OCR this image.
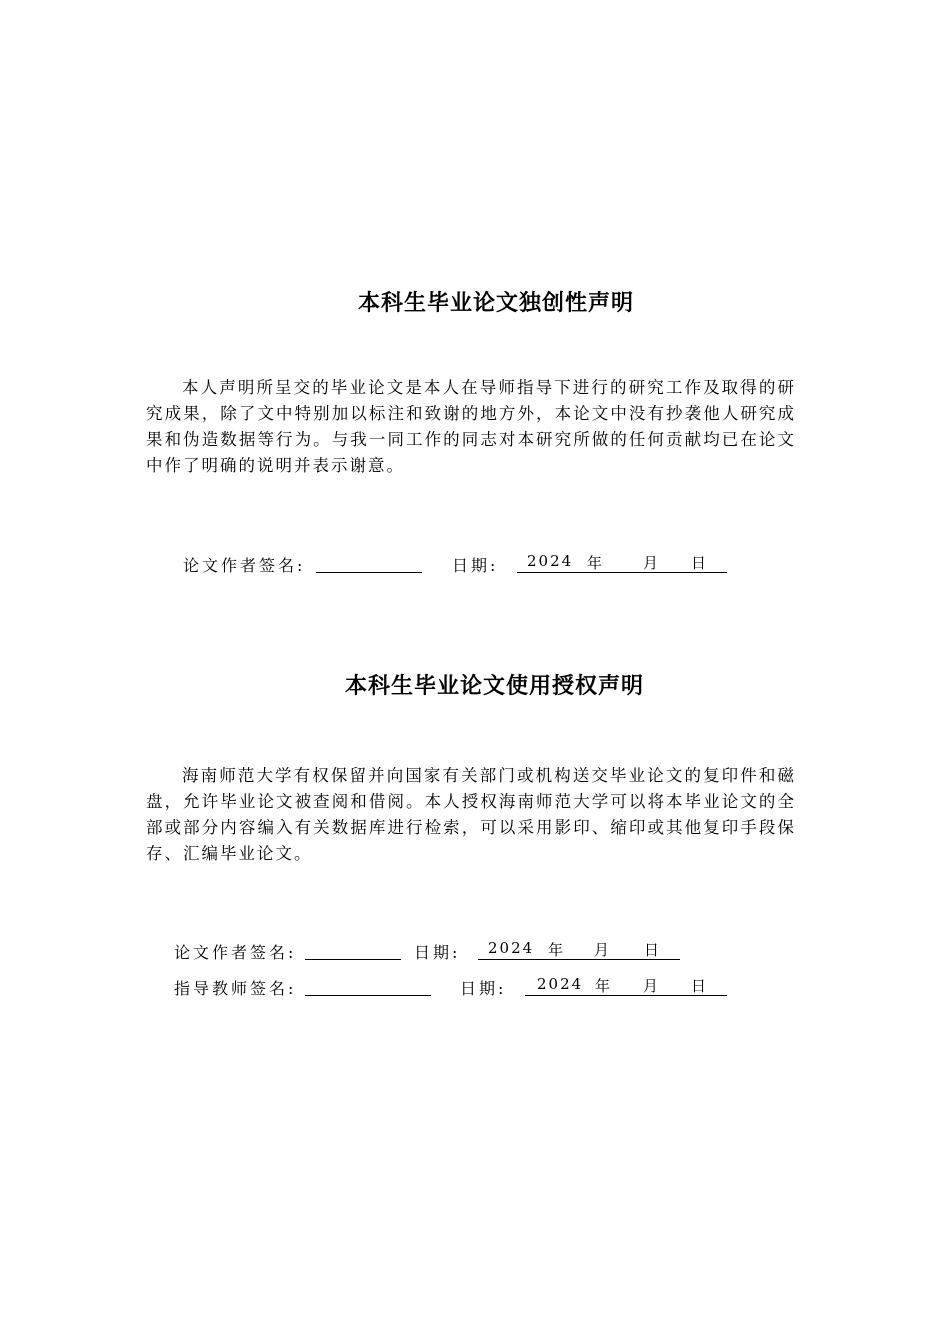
本科生毕业论文独创性声明

本人声明所呈交的毕业论文是本人在导师指导下进行的研究工作及取得的研究成果，除了文中特别加以标注和致谢的地方外，本论文中没有抄袭他人研究成果和伪造数据等行为。与我一同工作的同志对本研究所做的任何贡献均已在论文中作了明确的说明并表示谢意。

论文作者签名:	日期: 2024 年	月 日
本科生毕业论文使用授权声明

海南师范大学有权保留并向国家有关部门或机构送交毕业论文的复印件和磁盘，允许毕业论文被查阅和借阅。本人授权海南师范大学可以将本毕业论文的全部或部分内容编入有关数据库进行检索，可以采用影印、缩印或其他复印手段保存、汇编毕业论文。

论文作者签名:	日期: 2024 年 月 日
指导教师签名:	日期: 2024 年 月 日
